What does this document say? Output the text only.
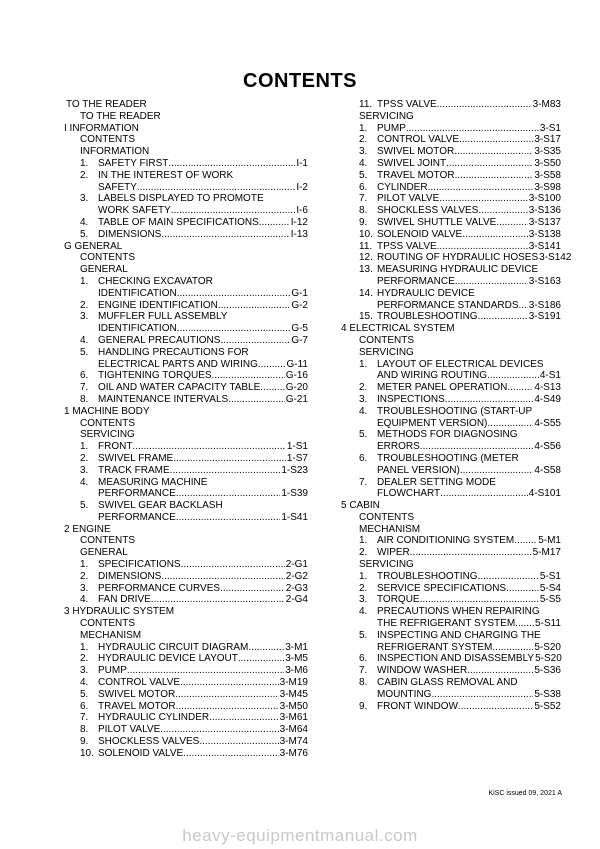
CONTENTS
TO THE READER
TO THE READER
I INFORMATION
CONTENTS
INFORMATION
1. SAFETY FIRST .....	I-1
2. IN THE INTEREST OF WORK
SAFETY .....	I-2
3. LABELS DISPLAYED TO PROMOTE
WORK SAFETY .....	I-6
4. TABLE OF MAIN SPECIFICATIONS .....	I-12
5. DIMENSIONS .....	I-13
G GENERAL
CONTENTS
GENERAL
1. CHECKING EXCAVATOR
IDENTIFICATION .....	G-1
2. ENGINE IDENTIFICATION .....	G-2
3. MUFFLER FULL ASSEMBLY
IDENTIFICATION .....	G-5
4. GENERAL PRECAUTIONS .....	G-7
5. HANDLING PRECAUTIONS FOR
ELECTRICAL PARTS AND WIRING .....	G-11
6. TIGHTENING TORQUES .....	G-16
7. OIL AND WATER CAPACITY TABLE .....	G-20
8. MAINTENANCE INTERVALS .....	G-21
1 MACHINE BODY
CONTENTS
SERVICING
1. FRONT .....	1-S1
2. SWIVEL FRAME .....	1-S7
3. TRACK FRAME .....	1-S23
4. MEASURING MACHINE
PERFORMANCE .....	1-S39
5. SWIVEL GEAR BACKLASH
PERFORMANCE .....	1-S41
2 ENGINE
CONTENTS
GENERAL
1. SPECIFICATIONS .....	2-G1
2. DIMENSIONS .....	2-G2
3. PERFORMANCE CURVES .....	2-G3
4. FAN DRIVE .....	2-G4
3 HYDRAULIC SYSTEM
CONTENTS
MECHANISM
1. HYDRAULIC CIRCUIT DIAGRAM .....	3-M1
2. HYDRAULIC DEVICE LAYOUT .....	3-M5
3. PUMP .....	3-M6
4. CONTROL VALVE .....	3-M19
5. SWIVEL MOTOR .....	3-M45
6. TRAVEL MOTOR .....	3-M50
7. HYDRAULIC CYLINDER .....	3-M61
8. PILOT VALVE .....	3-M64
9. SHOCKLESS VALVES .....	3-M74
10. SOLENOID VALVE .....	3-M76
11. TPSS VALVE .....	3-M83
SERVICING
1. PUMP .....	3-S1
2. CONTROL VALVE .....	3-S17
3. SWIVEL MOTOR .....	3-S35
4. SWIVEL JOINT .....	3-S50
5. TRAVEL MOTOR .....	3-S58
6. CYLINDER .....	3-S98
7. PILOT VALVE .....	3-S100
8. SHOCKLESS VALVES .....	3-S136
9. SWIVEL SHUTTLE VALVE .....	3-S137
10. SOLENOID VALVE .....	3-S138
11. TPSS VALVE .....	3-S141
12. ROUTING OF HYDRAULIC HOSES 3-S142
13. MEASURING HYDRAULIC DEVICE
PERFORMANCE .....	3-S163
14. HYDRAULIC DEVICE
PERFORMANCE STANDARDS ..... 3-S186
15. TROUBLESHOOTING .....	3-S191
4 ELECTRICAL SYSTEM
CONTENTS
SERVICING
1. LAYOUT OF ELECTRICAL DEVICES
AND WIRING ROUTING .....	4-S1
2. METER PANEL OPERATION .....	4-S13
3. INSPECTIONS .....	4-S49
4. TROUBLESHOOTING (START-UP
EQUIPMENT VERSION) .....	4-S55
5. METHODS FOR DIAGNOSING
ERRORS .....	4-S56
6. TROUBLESHOOTING (METER
PANEL VERSION) .....	4-S58
7. DEALER SETTING MODE
FLOWCHART .....	4-S101
5 CABIN
CONTENTS
MECHANISM
1. AIR CONDITIONING SYSTEM ..... 5-M1
2. WIPER .....	5-M17
SERVICING
1. TROUBLESHOOTING .....	5-S1
2. SERVICE SPECIFICATIONS .....	5-S4
3. TORQUE .....	5-S5
4. PRECAUTIONS WHEN REPAIRING
THE REFRIGERANT SYSTEM ..... 5-S11
5. INSPECTING AND CHARGING THE
REFRIGERANT SYSTEM .....	5-S20
6. INSPECTION AND DISASSEMBLY 5-S20
7. WINDOW WASHER .....	5-S36
8. CABIN GLASS REMOVAL AND
MOUNTING .....	5-S38
9. FRONT WINDOW .....	5-S52
KiSC issued 09, 2021 A
heavy-equipmentmanual.com
